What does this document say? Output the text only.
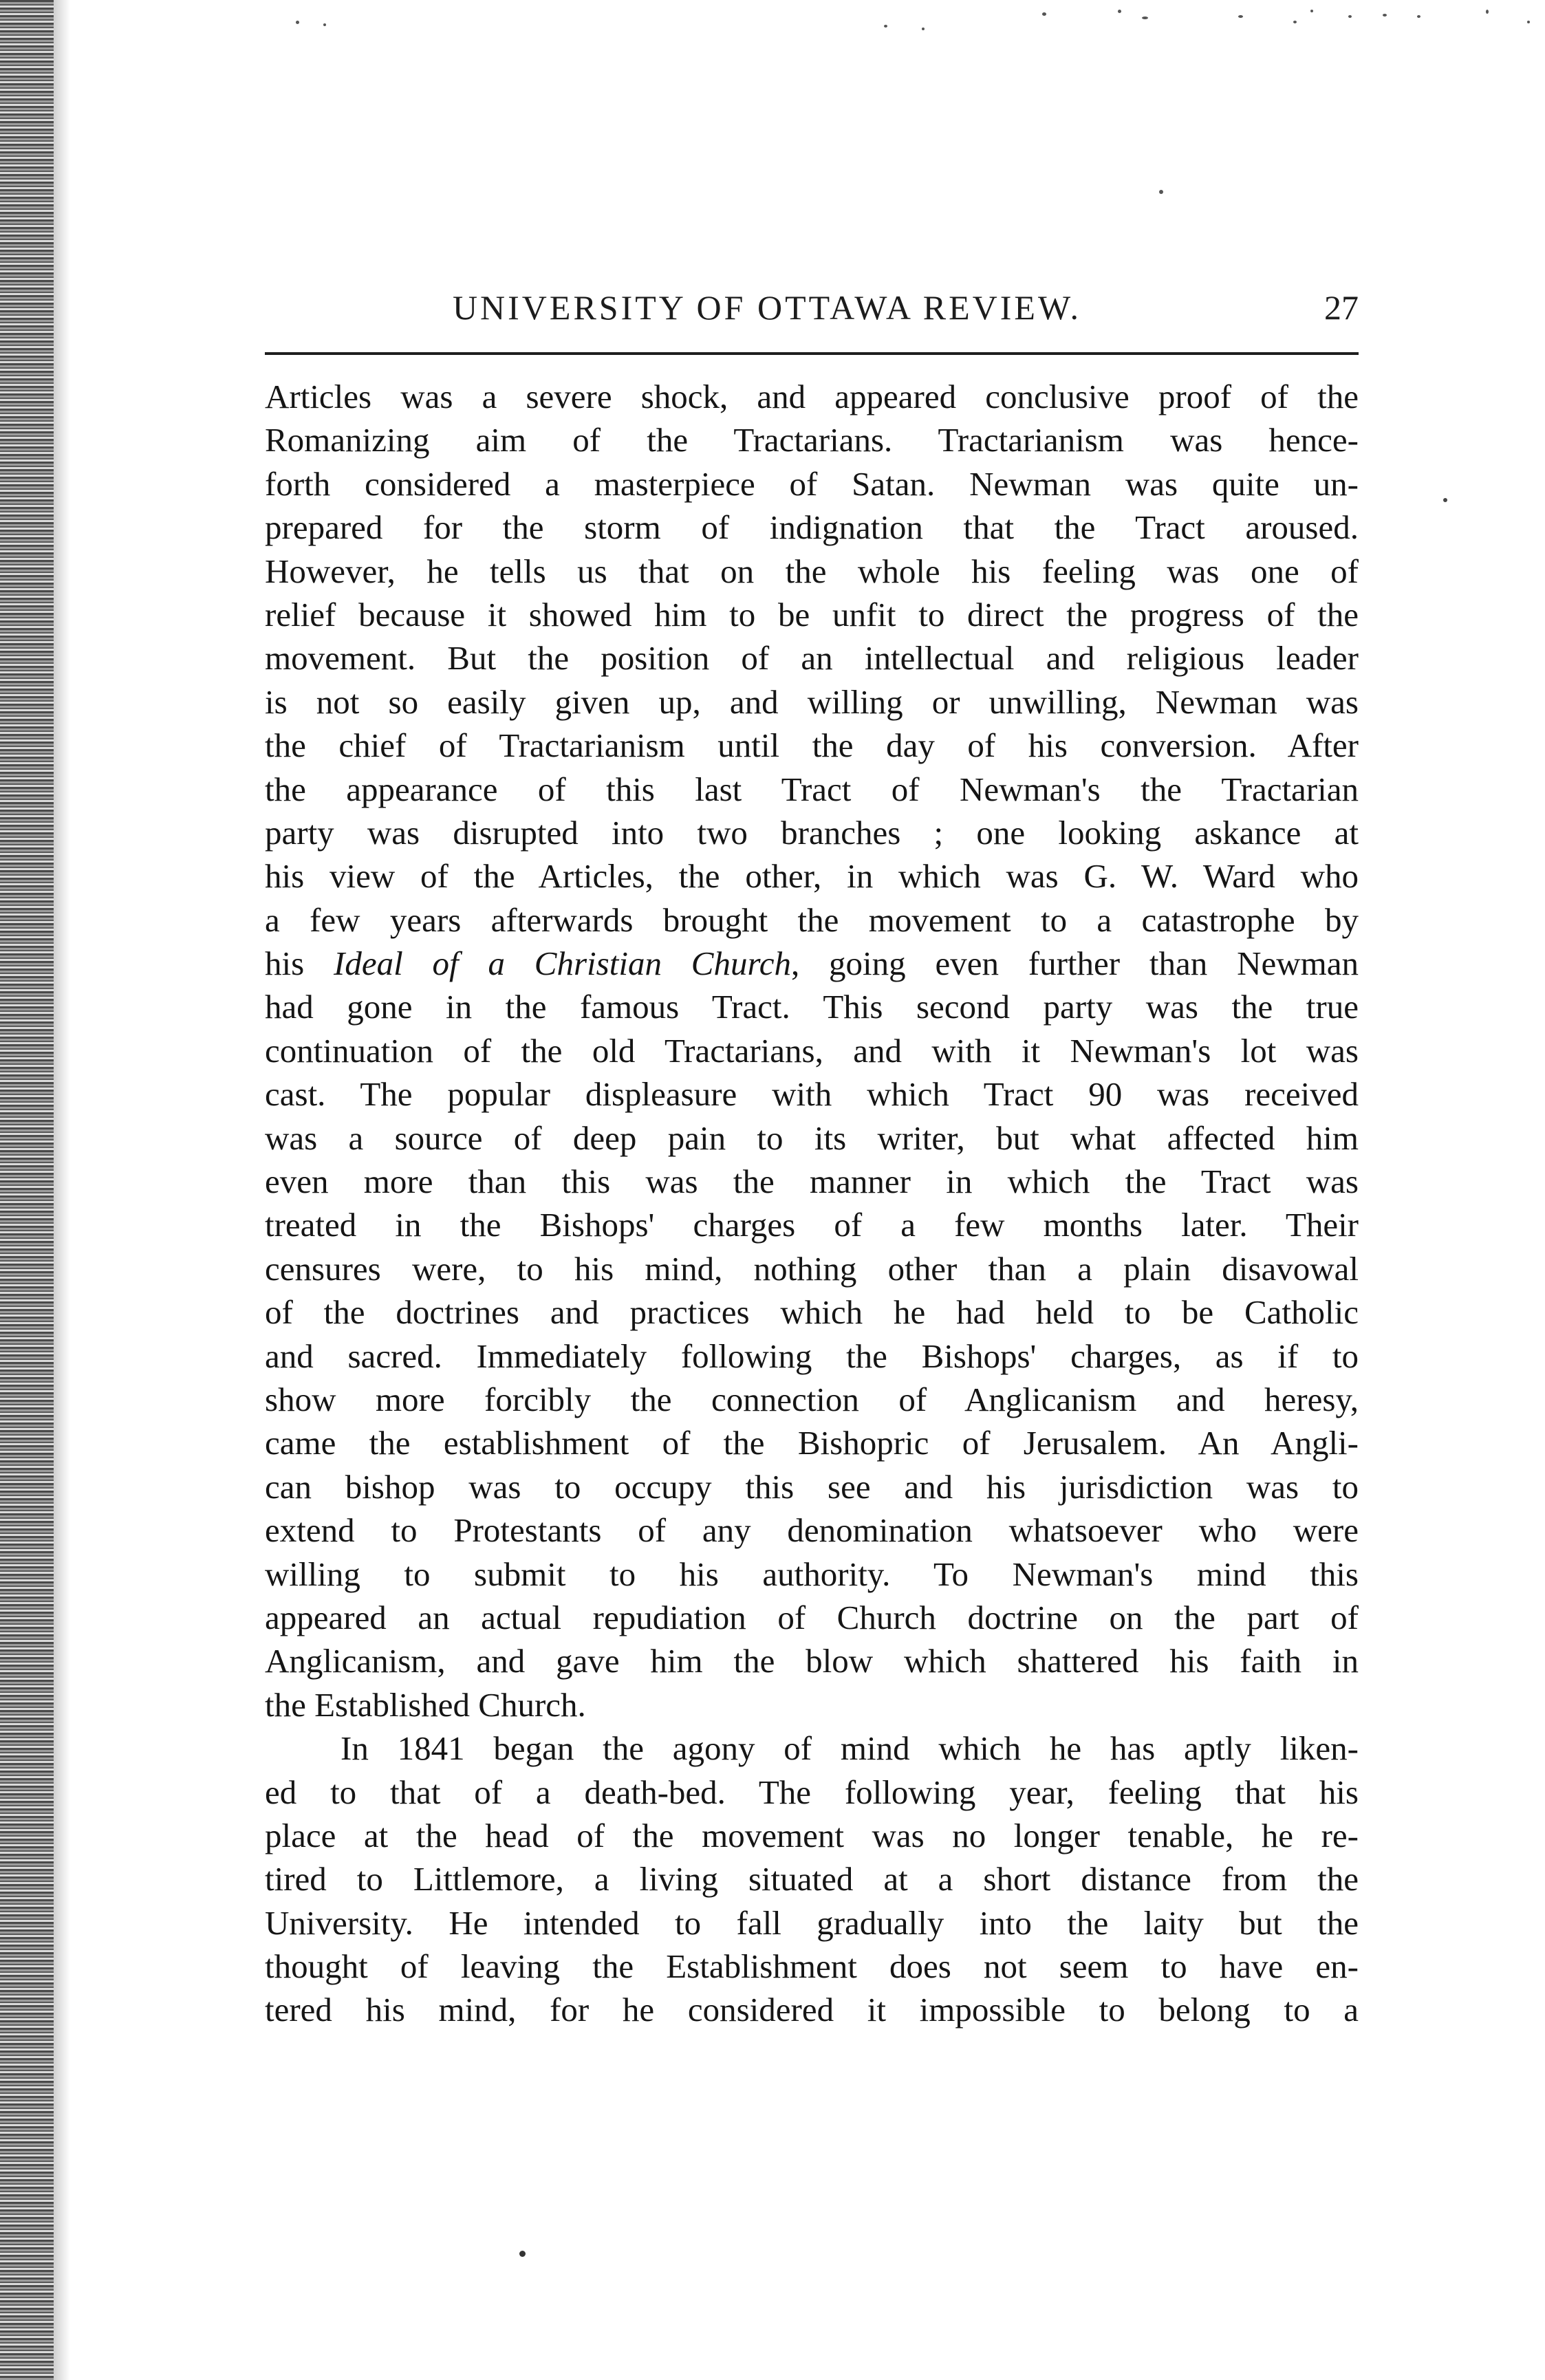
UNIVERSITY OF OTTAWA REVIEW.	27
Articles was a severe shock, and appeared conclusive proof of the
Romanizing aim of the Tractarians. Tractarianism was hence-
forth considered a masterpiece of Satan. Newman was quite un-
prepared for the storm of indignation that the Tract aroused.
However, he tells us that on the whole his feeling was one of
relief because it showed him to be unfit to direct the progress of the
movement. But the position of an intellectual and religious leader
is not so easily given up, and willing or unwilling, Newman was
the chief of Tractarianism until the day of his conversion. After
the appearance of this last Tract of Newman's the Tractarian
party was disrupted into two branches ; one looking askance at
his view of the Articles, the other, in which was G. W. Ward who
a few years afterwards brought the movement to a catastrophe by
his Ideal of a Christian Church, going even further than Newman
had gone in the famous Tract. This second party was the true
continuation of the old Tractarians, and with it Newman's lot was
cast. The popular displeasure with which Tract 90 was received
was a source of deep pain to its writer, but what affected him
even more than this was the manner in which the Tract was
treated in the Bishops' charges of a few months later. Their
censures were, to his mind, nothing other than a plain disavowal
of the doctrines and practices which he had held to be Catholic
and sacred. Immediately following the Bishops' charges, as if to
show more forcibly the connection of Anglicanism and heresy,
came the establishment of the Bishopric of Jerusalem. An Angli-
can bishop was to occupy this see and his jurisdiction was to
extend to Protestants of any denomination whatsoever who were
willing to submit to his authority. To Newman's mind this
appeared an actual repudiation of Church doctrine on the part of
Anglicanism, and gave him the blow which shattered his faith in
the Established Church.
In 1841 began the agony of mind which he has aptly liken-
ed to that of a death-bed. The following year, feeling that his
place at the head of the movement was no longer tenable, he re-
tired to Littlemore, a living situated at a short distance from the
University. He intended to fall gradually into the laity but the
thought of leaving the Establishment does not seem to have en-
tered his mind, for he considered it impossible to belong to a
